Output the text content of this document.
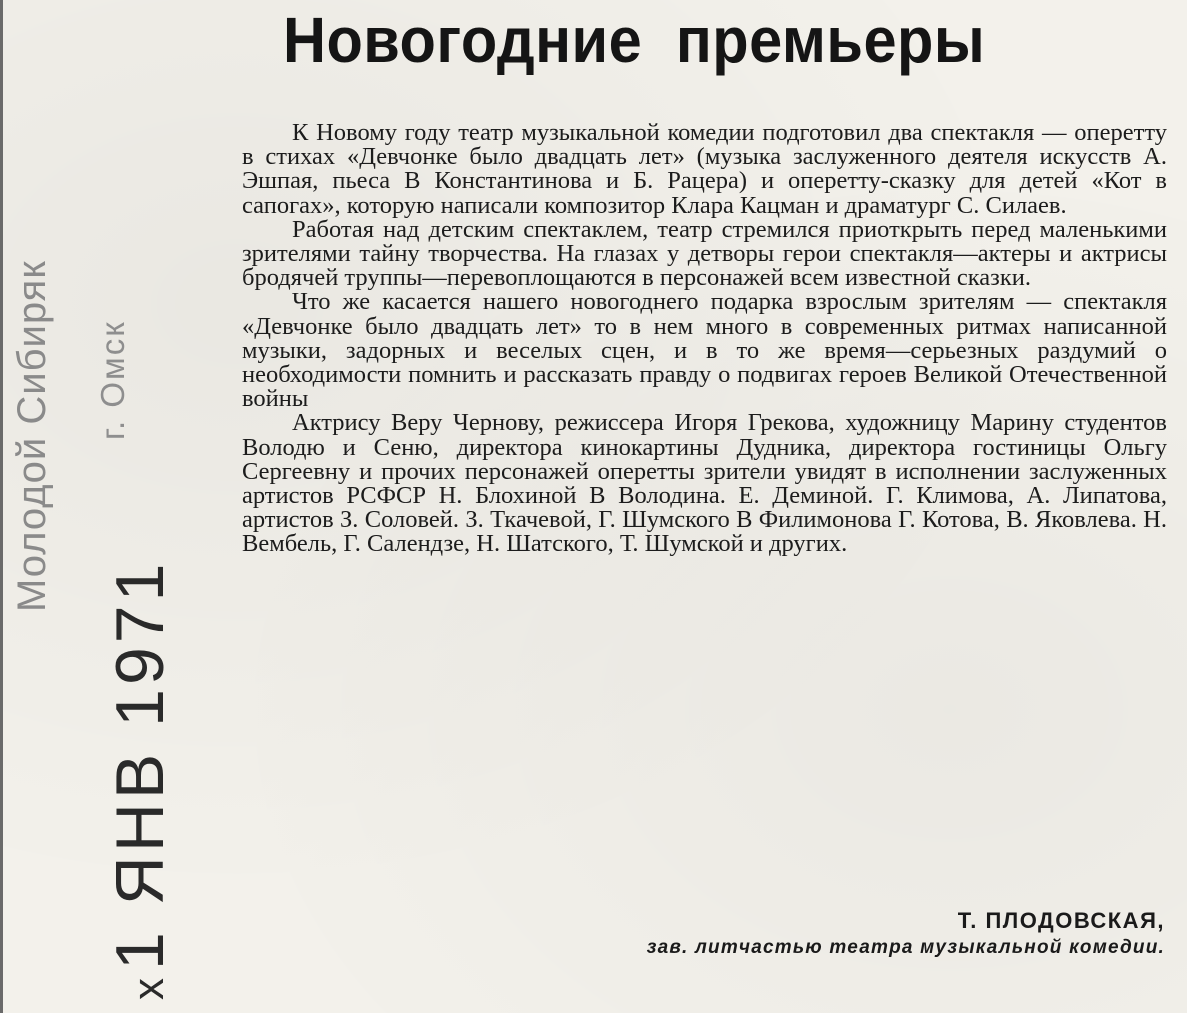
Новогодние премьеры

К Новому году театр музыкальной комедии подготовил два спектакля — оперетту в стихах «Девчонке было двадцать лет» (музыка заслуженного деятеля искусств А. Эшпая, пьеса В Константинова и Б. Рацера) и оперетту-сказку для детей «Кот в сапогах», которую написали композитор Клара Кацман и драматург С. Силаев.

Работая над детским спектаклем, театр стремился приоткрыть перед маленькими зрителями тайну творчества. На глазах у детворы герои спектакля—актеры и актрисы бродячей труппы—перевоплощаются в персонажей всем известной сказки.

Что же касается нашего новогоднего подарка взрослым зрителям — спектакля «Девчонке было двадцать лет» то в нем много в современных ритмах написанной музыки, задорных и веселых сцен, и в то же время—серьезных раздумий о необходимости помнить и рассказать правду о подвигах героев Великой Отечественной войны

Актрису Веру Чернову, режиссера Игоря Грекова, художницу Марину студентов Володю и Сеню, директора кинокартины Дудника, директора гостиницы Ольгу Сергеевну и прочих персонажей оперетты зрители увидят в исполнении заслуженных артистов РСФСР Н. Блохиной В Володина. Е. Деминой. Г. Климова, А. Липатова, артистов З. Соловей. З. Ткачевой, Г. Шумского В Филимонова Г. Котова, В. Яковлева. Н. Вембель, Г. Салендзе, Н. Шатского, Т. Шумской и других.

Т. ПЛОДОВСКАЯ,
зав. литчастью театра музыкальной комедии.
Молодой Сибиряк г. Омск
x1 ЯНВ 1971
